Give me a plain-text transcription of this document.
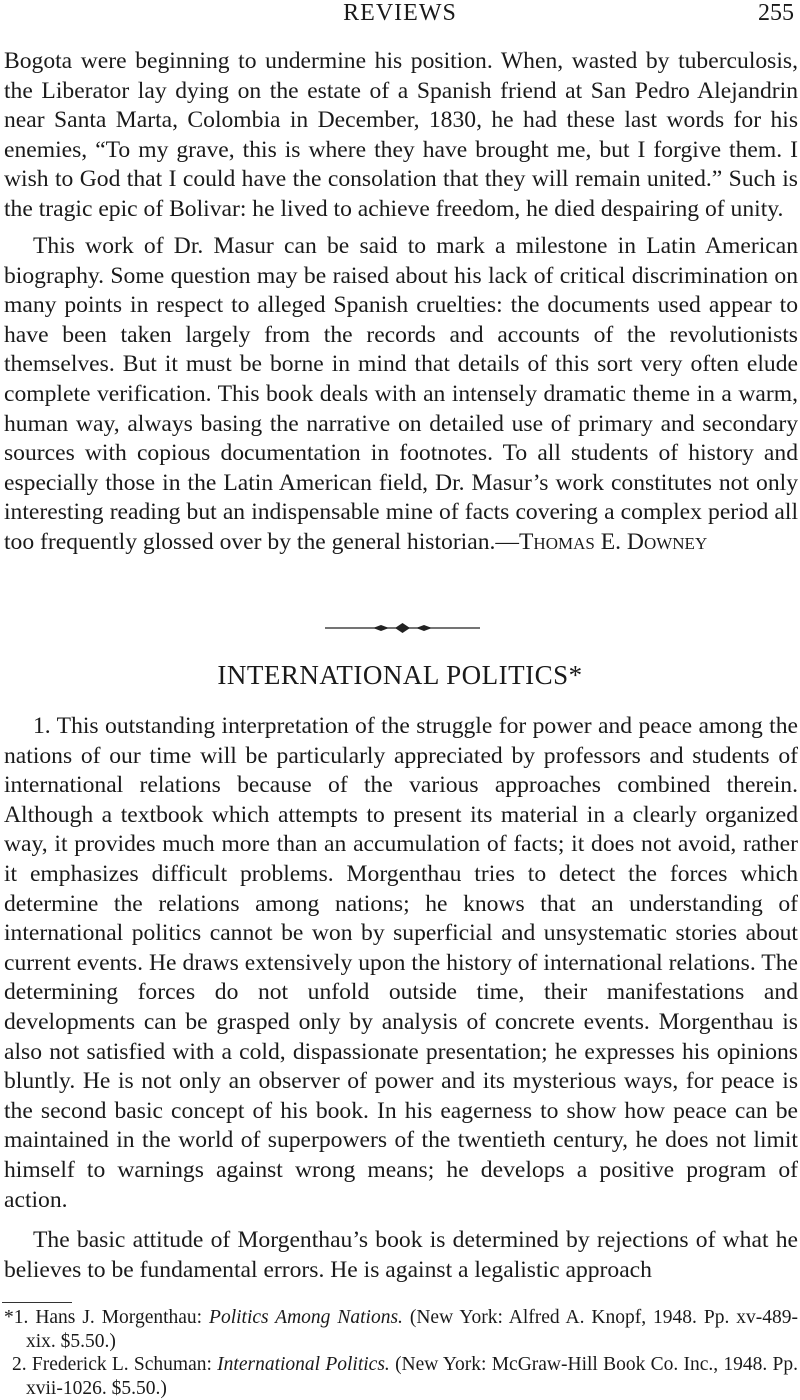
REVIEWS	255

Bogota were beginning to undermine his position. When, wasted by tuberculosis, the Liberator lay dying on the estate of a Spanish friend at San Pedro Alejandrin near Santa Marta, Colombia in December, 1830, he had these last words for his enemies, “To my grave, this is where they have brought me, but I forgive them. I wish to God that I could have the consolation that they will remain united.” Such is the tragic epic of Bolivar: he lived to achieve freedom, he died despairing of unity.

This work of Dr. Masur can be said to mark a milestone in Latin American biography. Some question may be raised about his lack of critical discrimination on many points in respect to alleged Spanish cruelties: the documents used appear to have been taken largely from the records and accounts of the revolutionists themselves. But it must be borne in mind that details of this sort very often elude complete verification. This book deals with an intensely dramatic theme in a warm, human way, always basing the narrative on detailed use of primary and secondary sources with copious documentation in footnotes. To all students of history and especially those in the Latin American field, Dr. Masur’s work constitutes not only interesting reading but an indispensable mine of facts covering a complex period all too frequently glossed over by the general historian.—Thomas E. Downey

INTERNATIONAL POLITICS*

1. This outstanding interpretation of the struggle for power and peace among the nations of our time will be particularly appreciated by professors and students of international relations because of the various approaches combined therein. Although a textbook which attempts to present its material in a clearly organized way, it provides much more than an accumulation of facts; it does not avoid, rather it emphasizes difficult problems. Morgenthau tries to detect the forces which determine the relations among nations; he knows that an understanding of international politics cannot be won by superficial and unsystematic stories about current events. He draws extensively upon the history of international relations. The determining forces do not unfold outside time, their manifestations and developments can be grasped only by analysis of concrete events. Morgenthau is also not satisfied with a cold, dispassionate presentation; he expresses his opinions bluntly. He is not only an observer of power and its mysterious ways, for peace is the second basic concept of his book. In his eagerness to show how peace can be maintained in the world of superpowers of the twentieth century, he does not limit himself to warnings against wrong means; he develops a positive program of action.

The basic attitude of Morgenthau’s book is determined by rejections of what he believes to be fundamental errors. He is against a legalistic approach

*1. Hans J. Morgenthau: Politics Among Nations. (New York: Alfred A. Knopf, 1948. Pp. xv-489-xix. $5.50.)

2. Frederick L. Schuman: International Politics. (New York: McGraw-Hill Book Co. Inc., 1948. Pp. xvii-1026. $5.50.)
